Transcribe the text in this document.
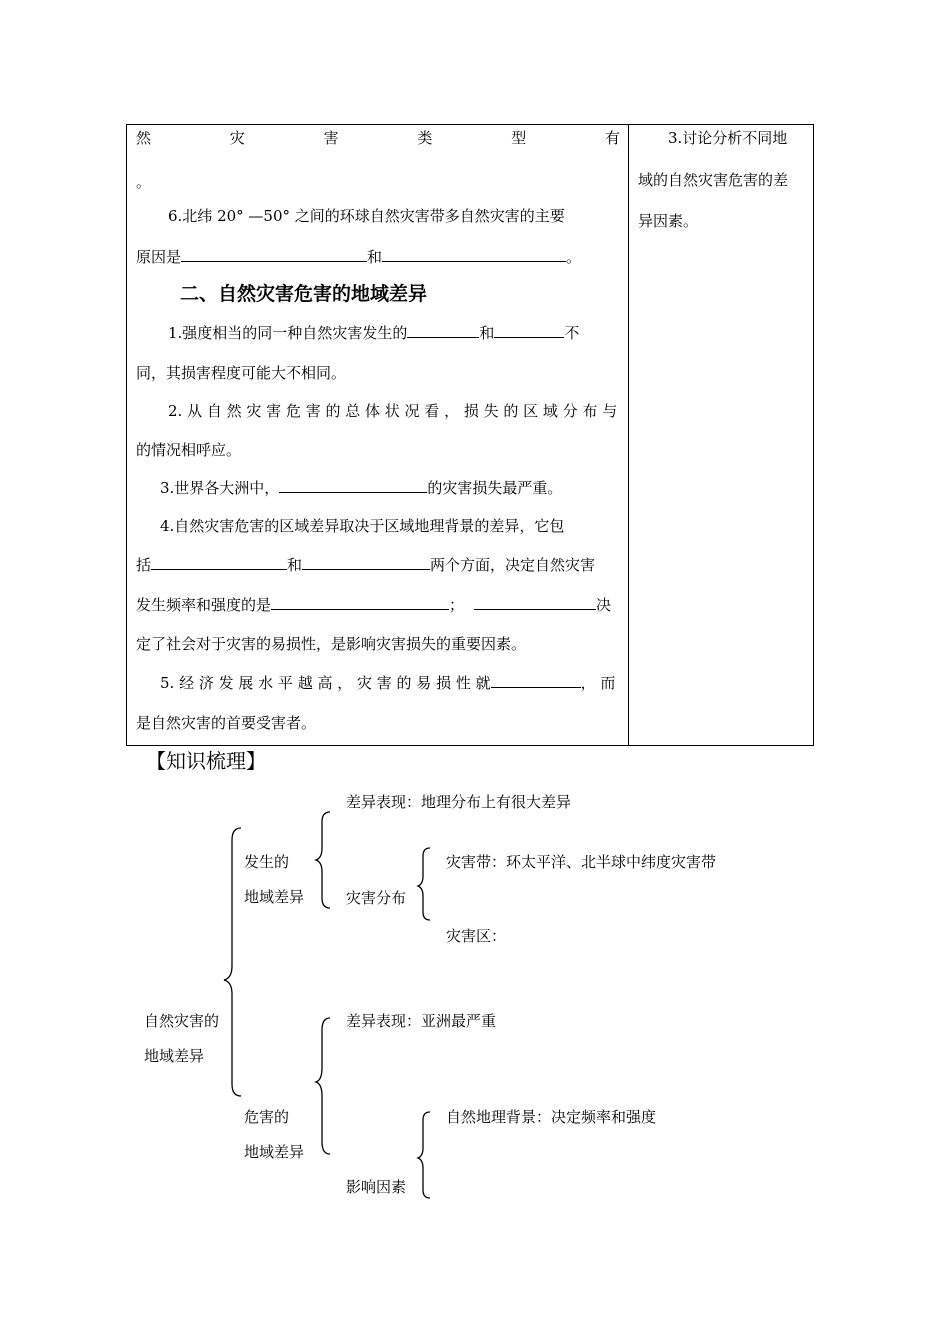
然	灾	害	类	型	有
。
6.北纬 20° —50° 之间的环球自然灾害带多自然灾害的主要
原因是	和	。
二、自然灾害危害的地域差异
1.强度相当的同一种自然灾害发生的	和	不
同，其损害程度可能大不相同。
2. 从 自 然 灾 害 危 害 的 总 体 状 况 看 ， 损 失 的 区 域 分 布 与
的情况相呼应。
3.世界各大洲中，	的灾害损失最严重。
4.自然灾害危害的区域差异取决于区域地理背景的差异，它包
括	和	两个方面，决定自然灾害
发生频率和强度的是	；	决
定了社会对于灾害的易损性，是影响灾害损失的重要因素。
5. 经 济 发 展 水 平 越 高 ， 灾 害 的 易 损 性 就	， 而
是自然灾害的首要受害者。
3.讨论分析不同地
域的自然灾害危害的差
异因素。
【知识梳理】
自然灾害的
地域差异
发生的
地域差异
差异表现：地理分布上有很大差异
灾害分布
灾害带：环太平洋、北半球中纬度灾害带
灾害区：
危害的
地域差异
差异表现：亚洲最严重
影响因素
自然地理背景：决定频率和强度
